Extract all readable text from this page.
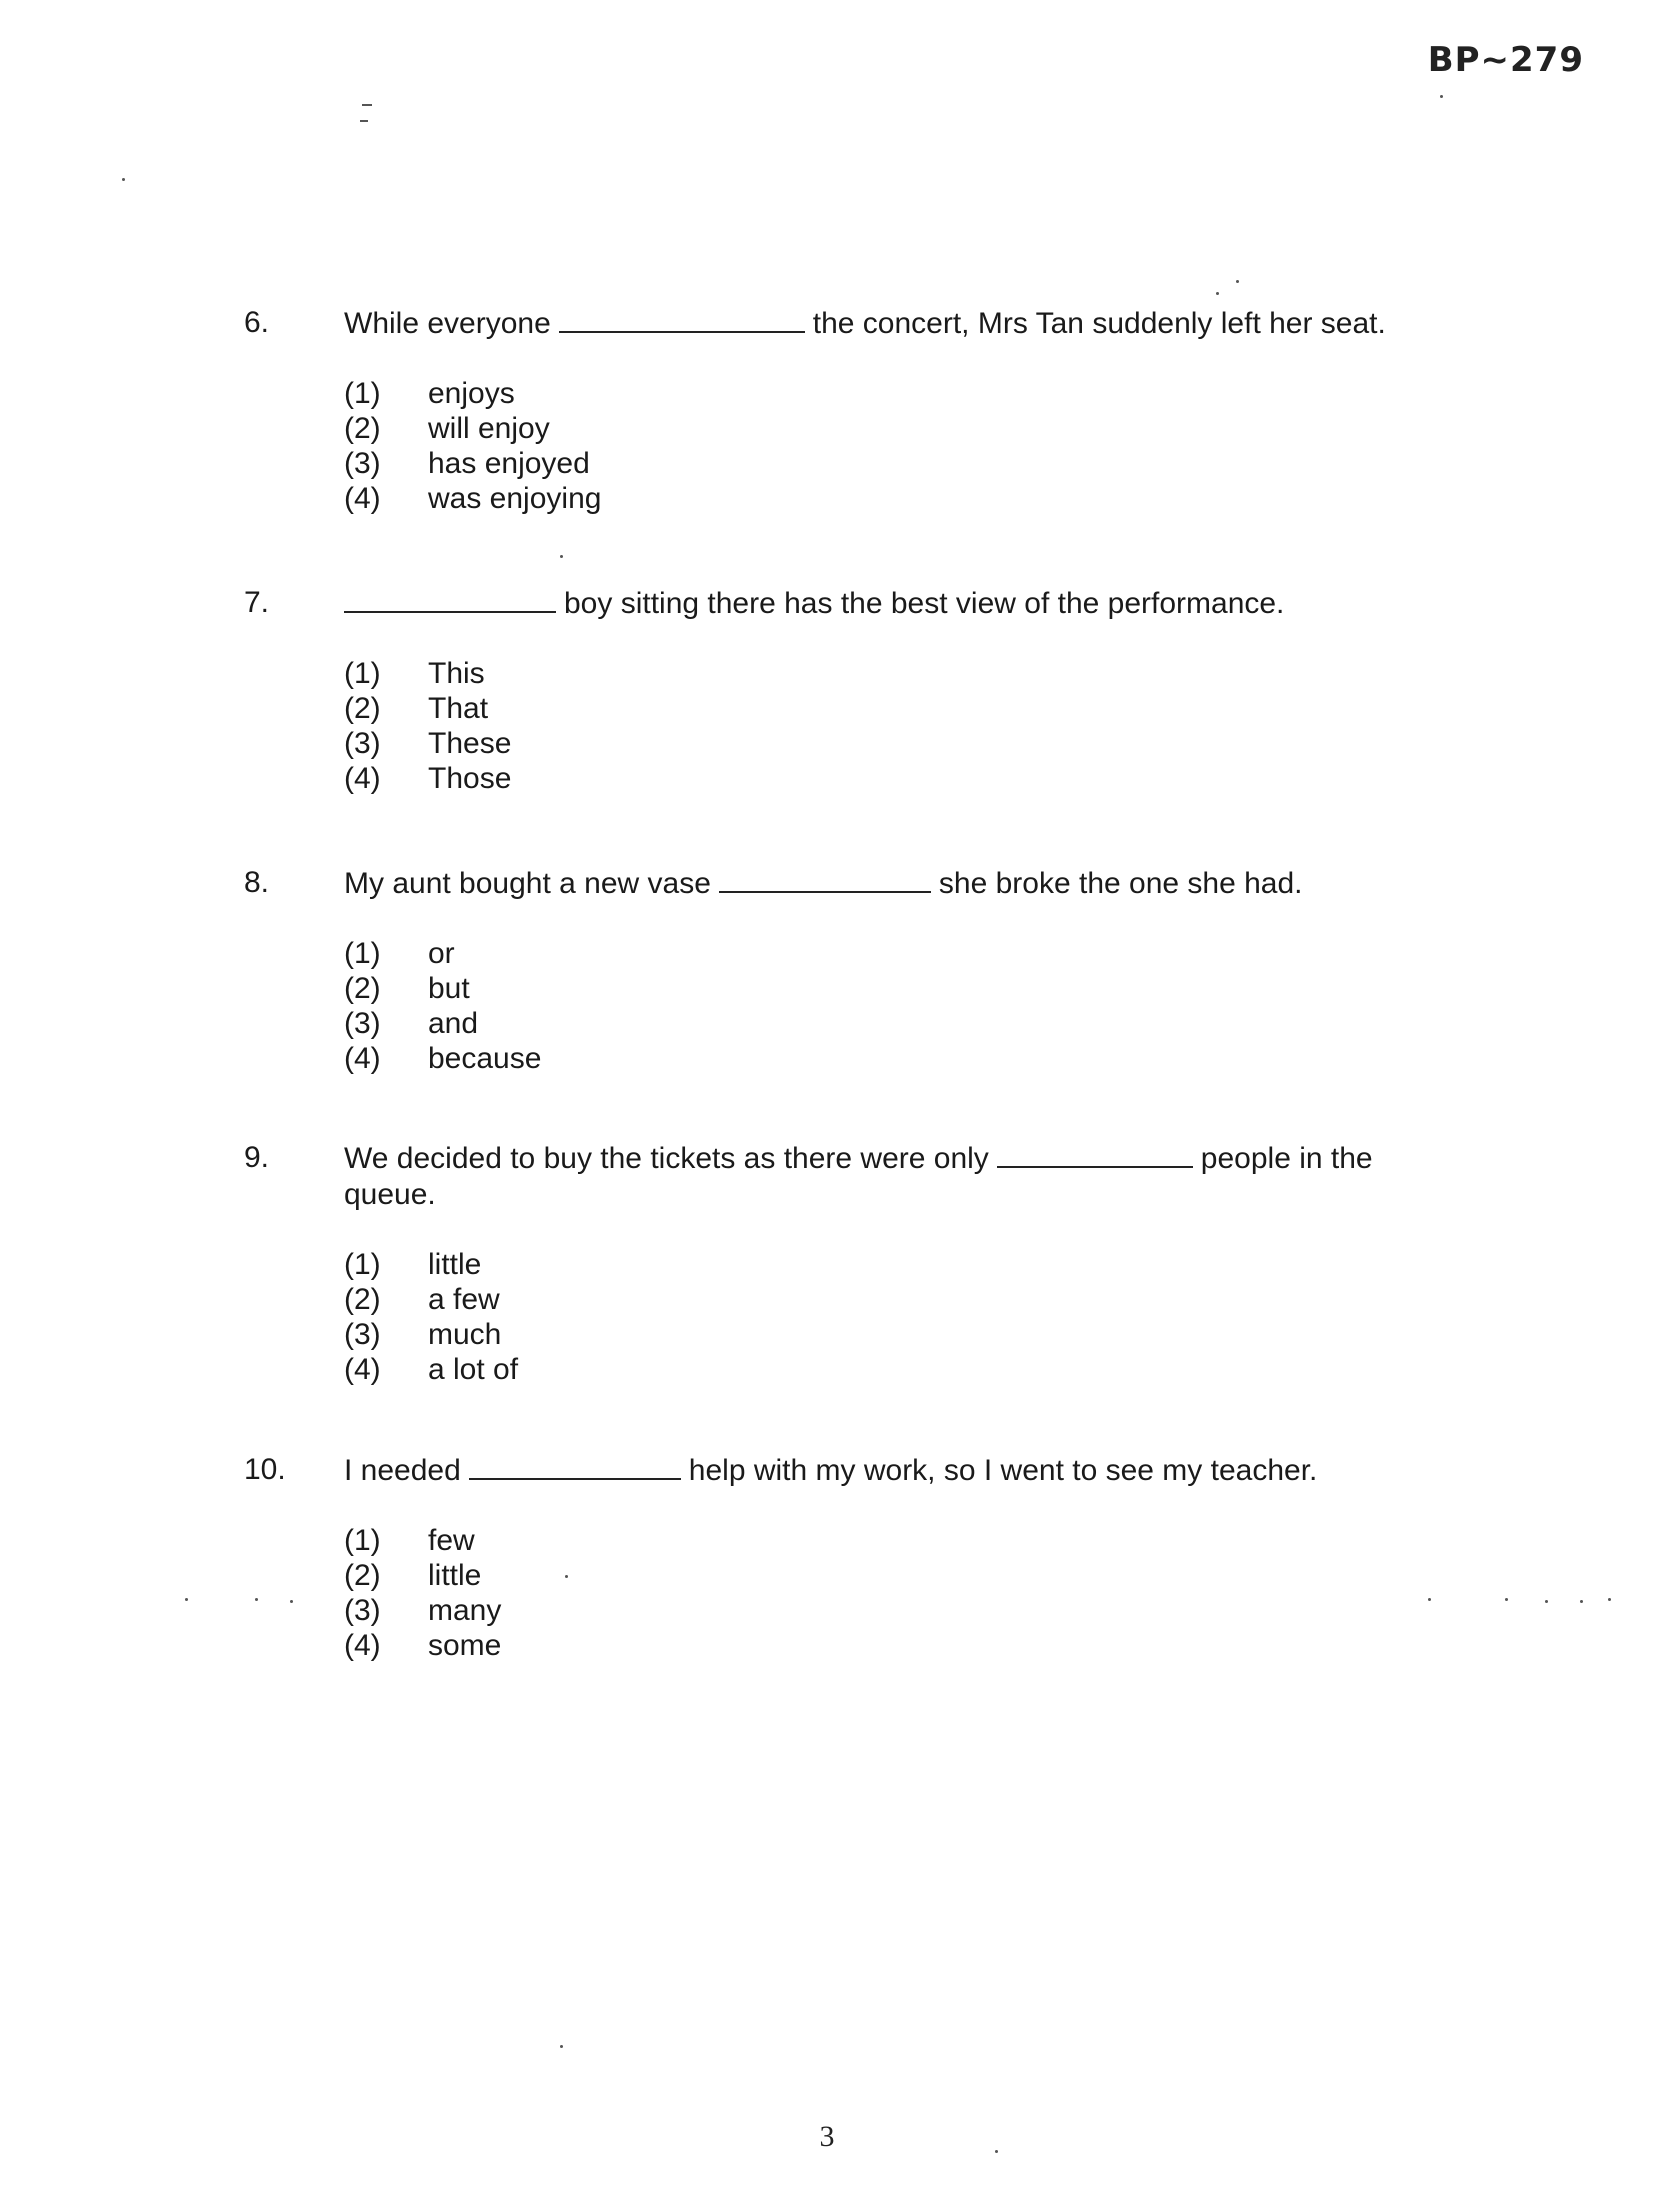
BP~279
6.	While everyone	the concert, Mrs Tan suddenly left her seat.
(1)	enjoys
(2)	will enjoy
(3)	has enjoyed
(4)	was enjoying
7.	boy sitting there has the best view of the performance.
(1)	This
(2)	That
(3)	These
(4)	Those
8.	My aunt bought a new vase	she broke the one she had.
(1)	or
(2)	but
(3)	and
(4)	because
9.	We decided to buy the tickets as there were only	people in the queue.
(1)	little
(2)	a few
(3)	much
(4)	a lot of
10.	I needed	help with my work, so I went to see my teacher.
(1)	few
(2)	little
(3)	many
(4)	some
3
